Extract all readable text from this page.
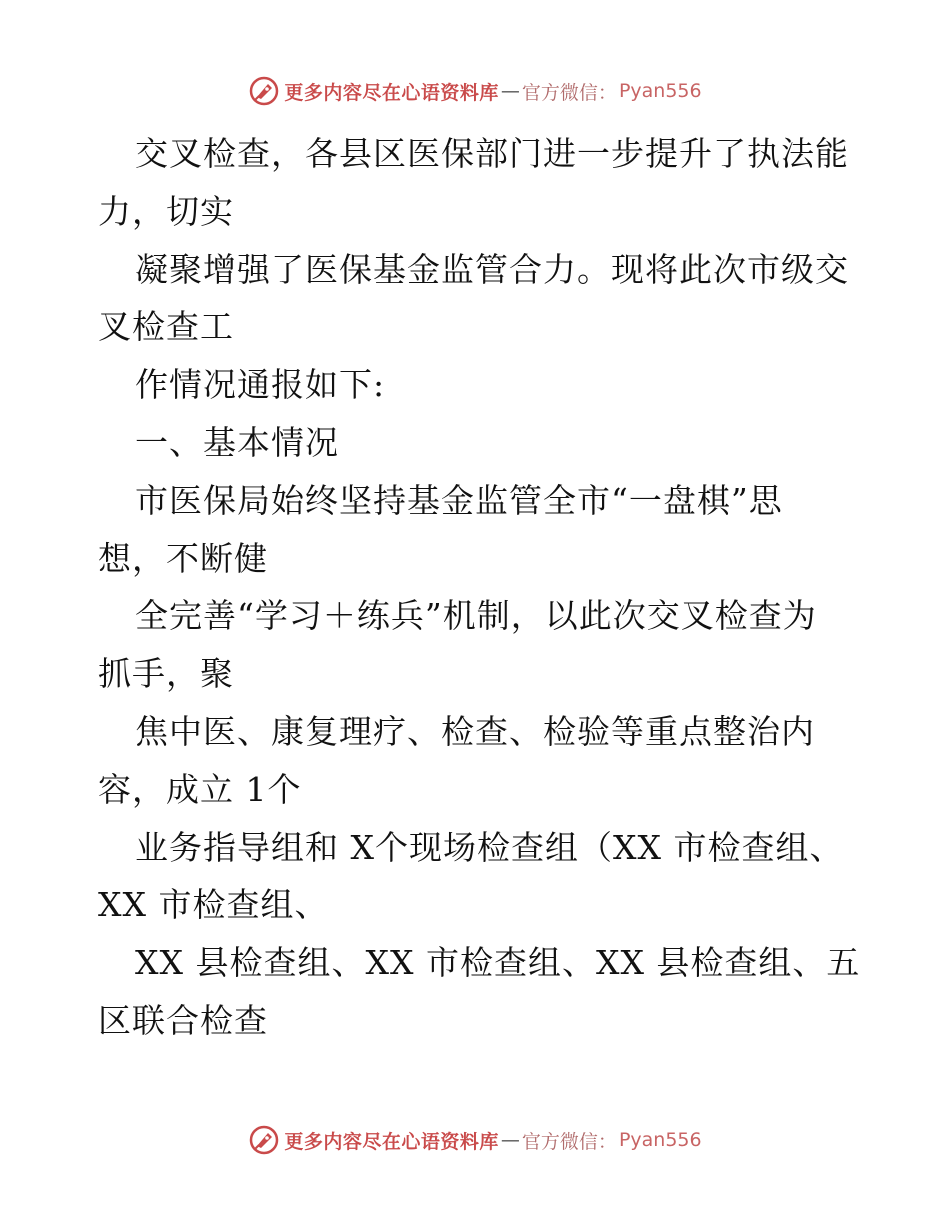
更多内容尽在心语资料库 — 官方微信： Pyan556
交叉检查，各县区医保部门进一步提升了执法能
力，切实
凝聚增强了医保基金监管合力。现将此次市级交
叉检查工
作情况通报如下:
一、基本情况
市医保局始终坚持基金监管全市“一盘棋”思
想，不断健
全完善“学习＋练兵”机制，以此次交叉检查为
抓手，聚
焦中医、康复理疗、检查、检验等重点整治内
容，成立 1个
业务指导组和 X个现场检查组（XX 市检查组、
XX 市检查组、
XX 县检查组、XX 市检查组、XX 县检查组、五
区联合检查
更多内容尽在心语资料库 — 官方微信： Pyan556
